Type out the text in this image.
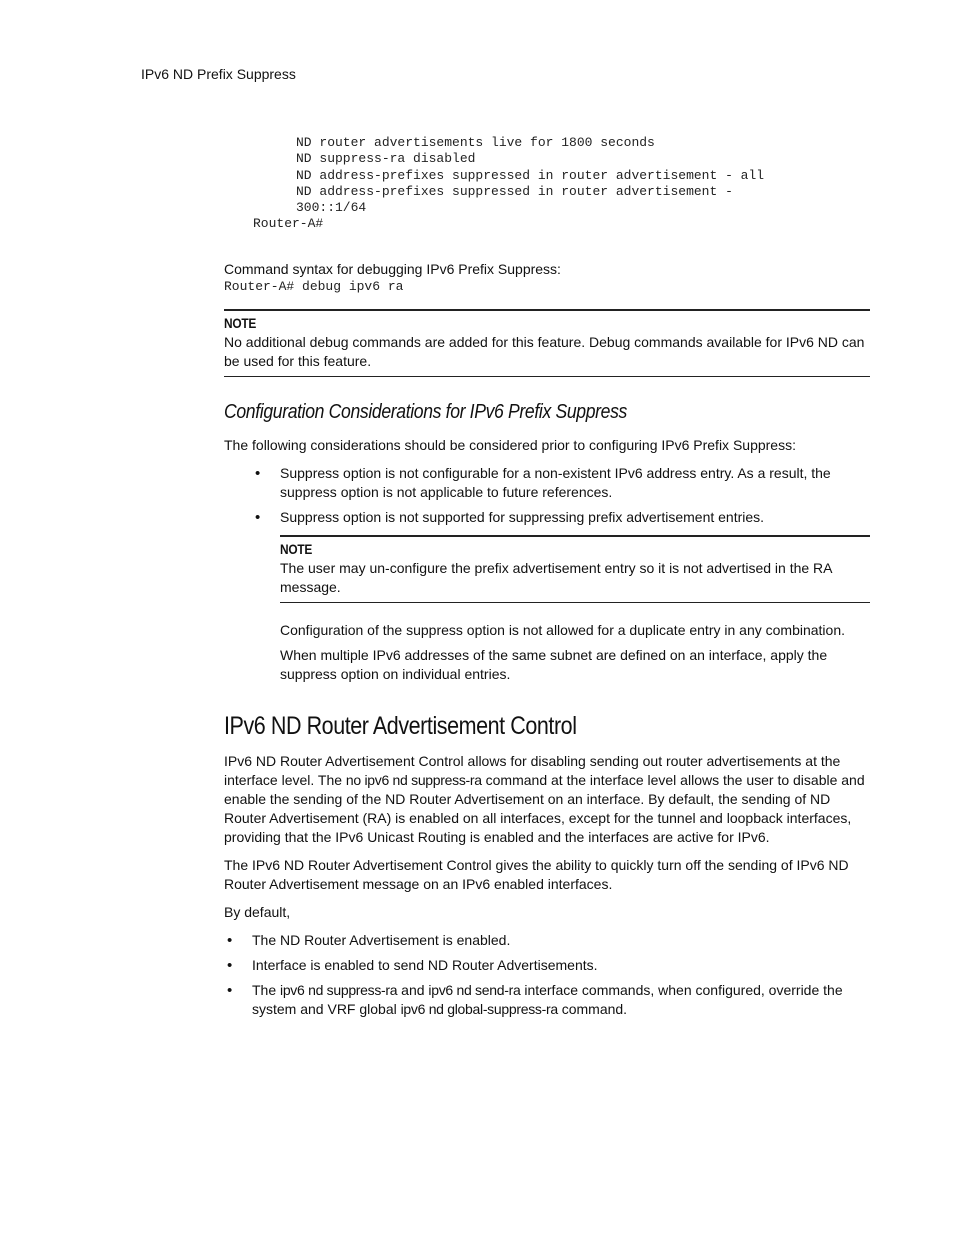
IPv6 ND Prefix Suppress
ND router advertisements live for 1800 seconds
ND suppress-ra disabled
ND address-prefixes suppressed in router advertisement - all
ND address-prefixes suppressed in router advertisement -
300::1/64
Router-A#

Command syntax for debugging IPv6 Prefix Suppress:

Router-A# debug ipv6 ra
NOTE
No additional debug commands are added for this feature. Debug commands available for IPv6 ND can be used for this feature.
Configuration Considerations for IPv6 Prefix Suppress

The following considerations should be considered prior to configuring IPv6 Prefix Suppress:

• Suppress option is not configurable for a non-existent IPv6 address entry. As a result, the suppress option is not applicable to future references.
• Suppress option is not supported for suppressing prefix advertisement entries.
NOTE
The user may un-configure the prefix advertisement entry so it is not advertised in the RA message.
Configuration of the suppress option is not allowed for a duplicate entry in any combination.
When multiple IPv6 addresses of the same subnet are defined on an interface, apply the suppress option on individual entries.
IPv6 ND Router Advertisement Control

IPv6 ND Router Advertisement Control allows for disabling sending out router advertisements at the interface level. The no ipv6 nd suppress-ra command at the interface level allows the user to disable and enable the sending of the ND Router Advertisement on an interface. By default, the sending of ND Router Advertisement (RA) is enabled on all interfaces, except for the tunnel and loopback interfaces, providing that the IPv6 Unicast Routing is enabled and the interfaces are active for IPv6.

The IPv6 ND Router Advertisement Control gives the ability to quickly turn off the sending of IPv6 ND Router Advertisement message on an IPv6 enabled interfaces.

By default,

• The ND Router Advertisement is enabled.
• Interface is enabled to send ND Router Advertisements.
• The ipv6 nd suppress-ra and ipv6 nd send-ra interface commands, when configured, override the system and VRF global ipv6 nd global-suppress-ra command.
